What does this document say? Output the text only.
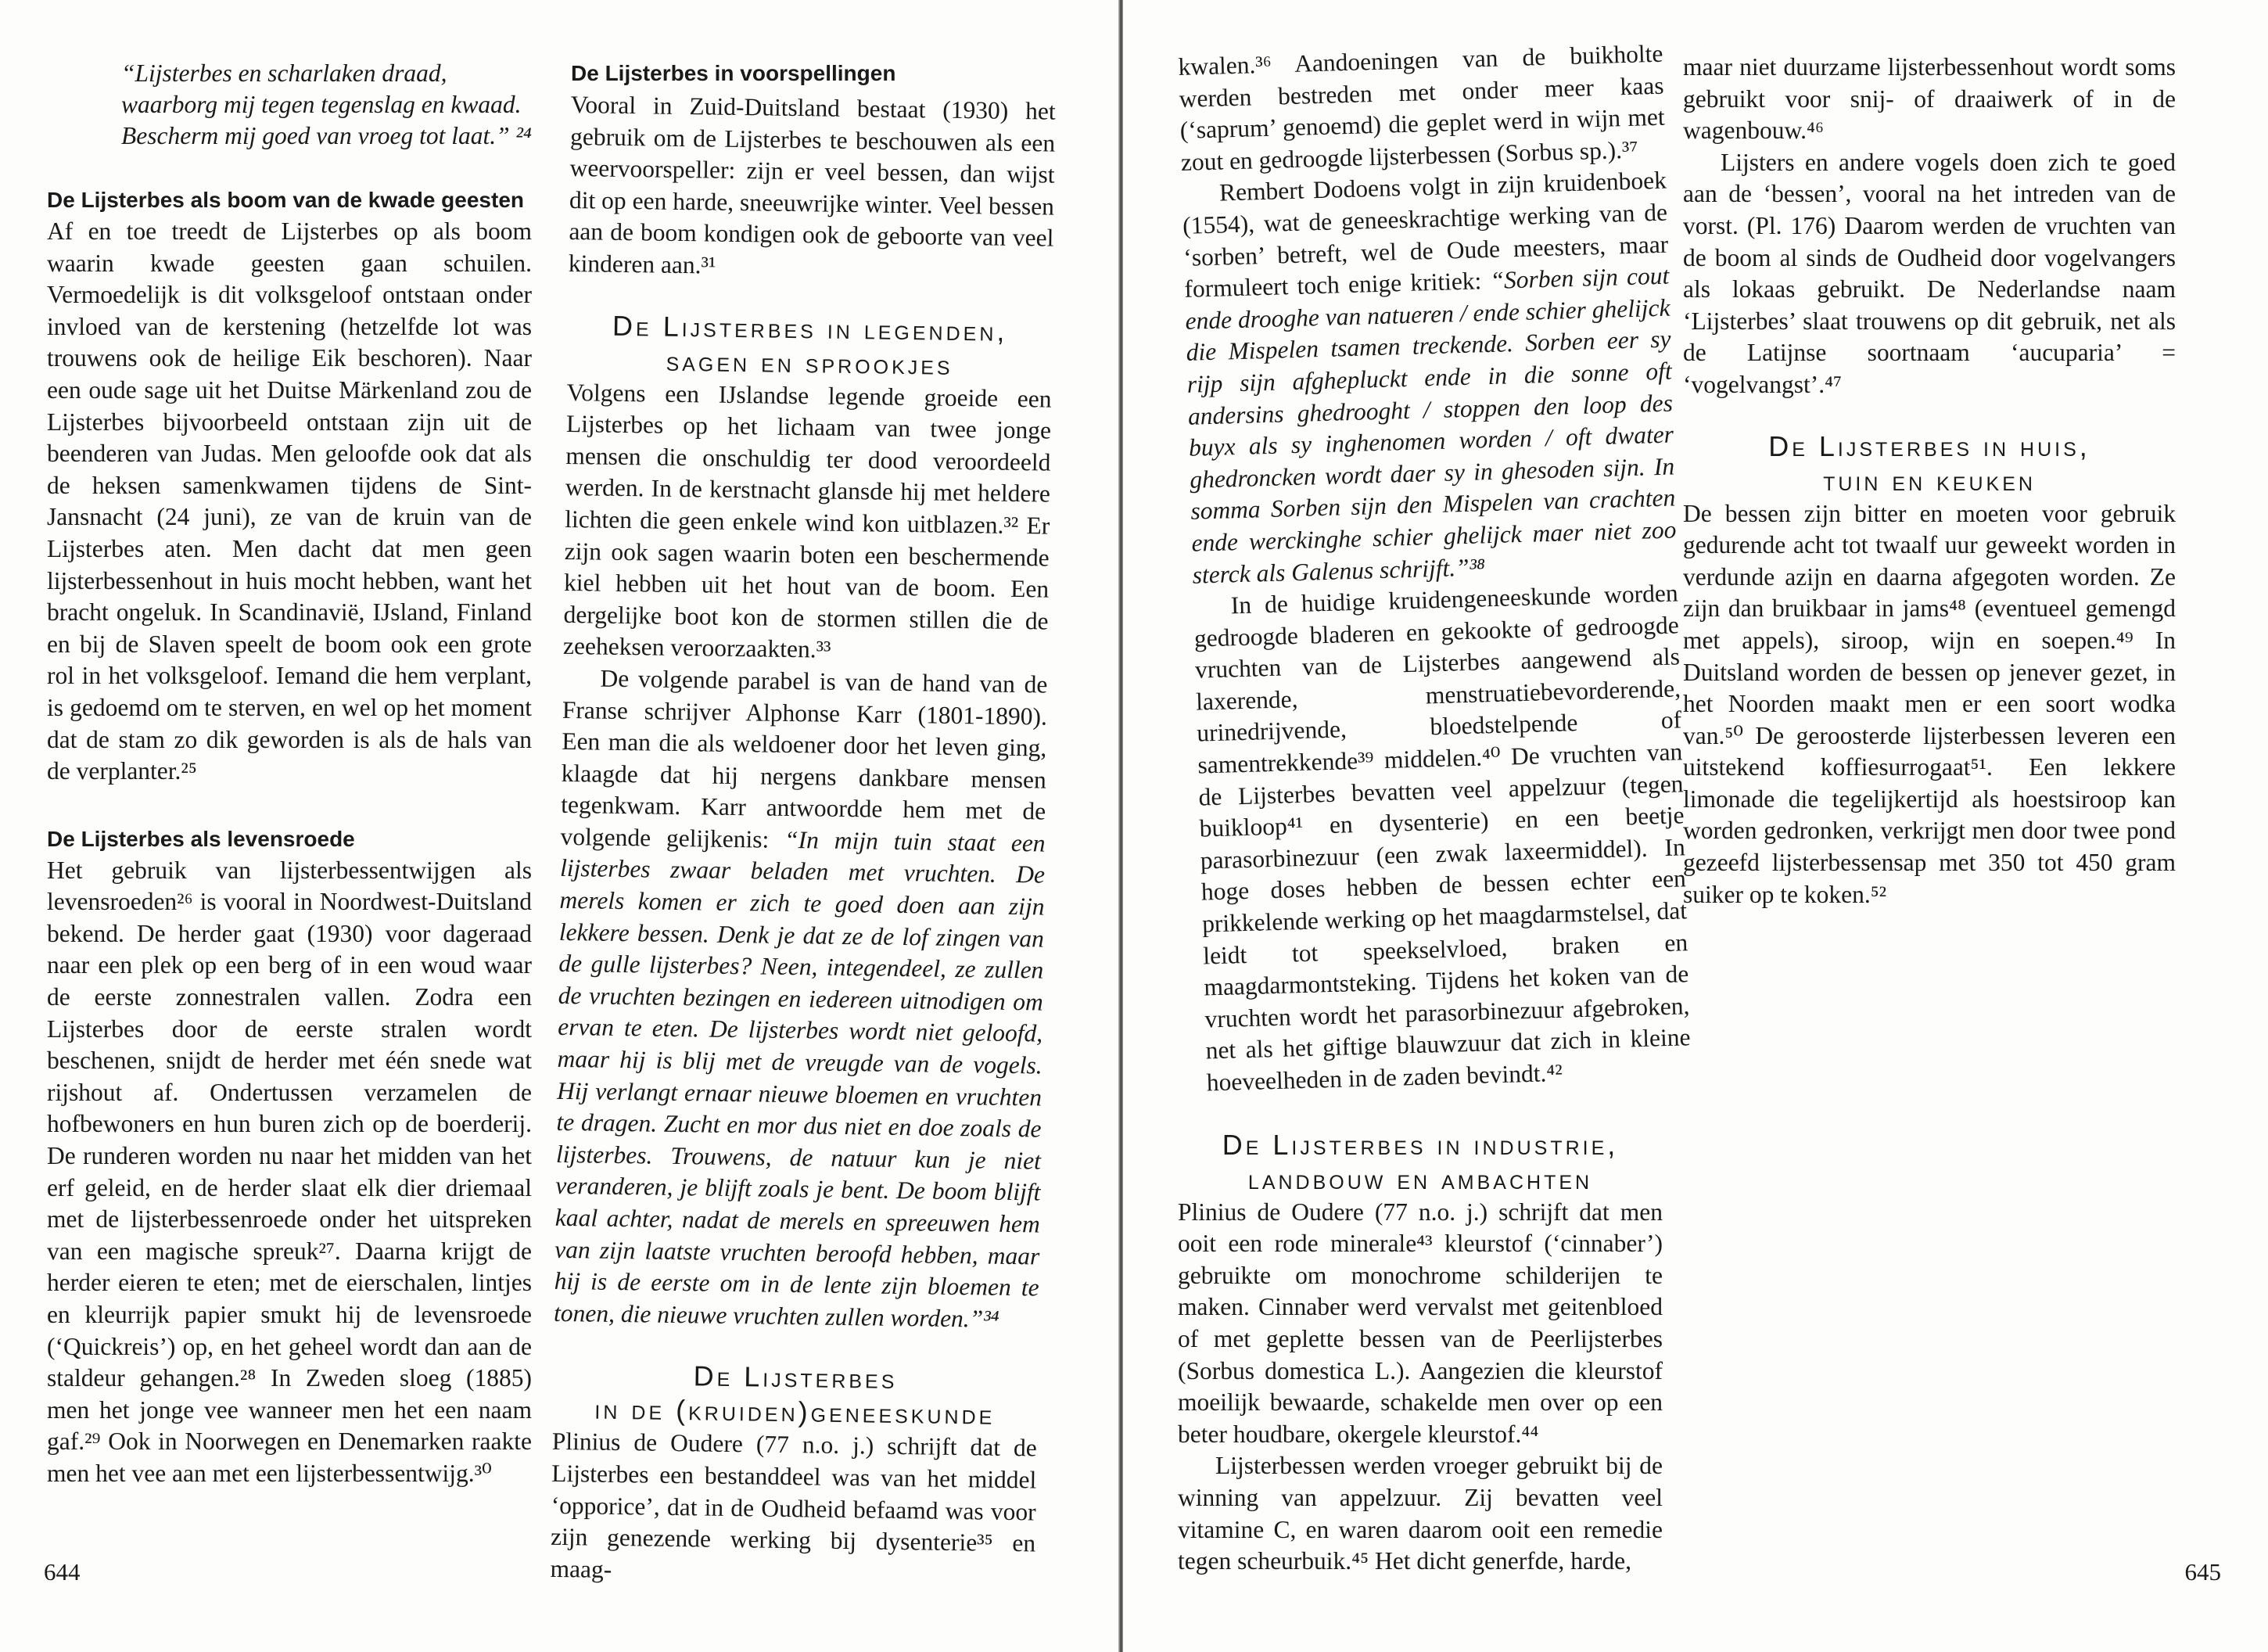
“Lijsterbes en scharlaken draad,
waarborg mij tegen tegenslag en kwaad.
Bescherm mij goed van vroeg tot laat.” ²⁴

De Lijsterbes als boom van de kwade geesten

Af en toe treedt de Lijsterbes op als boom waarin kwade geesten gaan schuilen. Vermoedelijk is dit volksgeloof ontstaan onder invloed van de kerstening (hetzelfde lot was trouwens ook de heilige Eik beschoren). Naar een oude sage uit het Duitse Märkenland zou de Lijsterbes bijvoorbeeld ontstaan zijn uit de beenderen van Judas. Men geloofde ook dat als de heksen samenkwamen tijdens de Sint-Jansnacht (24 juni), ze van de kruin van de Lijsterbes aten. Men dacht dat men geen lijsterbessenhout in huis mocht hebben, want het bracht ongeluk. In Scandinavië, IJsland, Finland en bij de Slaven speelt de boom ook een grote rol in het volksgeloof. Iemand die hem verplant, is gedoemd om te sterven, en wel op het moment dat de stam zo dik geworden is als de hals van de verplanter.²⁵

De Lijsterbes als levensroede

Het gebruik van lijsterbessentwijgen als levensroeden²⁶ is vooral in Noordwest-Duitsland bekend. De herder gaat (1930) voor dageraad naar een plek op een berg of in een woud waar de eerste zonnestralen vallen. Zodra een Lijsterbes door de eerste stralen wordt beschenen, snijdt de herder met één snede wat rijshout af. Ondertussen verzamelen de hofbewoners en hun buren zich op de boerderij. De runderen worden nu naar het midden van het erf geleid, en de herder slaat elk dier driemaal met de lijsterbessenroede onder het uitspreken van een magische spreuk²⁷. Daarna krijgt de herder eieren te eten; met de eierschalen, lintjes en kleurrijk papier smukt hij de levensroede (‘Quickreis’) op, en het geheel wordt dan aan de staldeur gehangen.²⁸ In Zweden sloeg (1885) men het jonge vee wanneer men het een naam gaf.²⁹ Ook in Noorwegen en Denemarken raakte men het vee aan met een lijsterbessentwijg.³⁰

De Lijsterbes in voorspellingen

Vooral in Zuid-Duitsland bestaat (1930) het gebruik om de Lijsterbes te beschouwen als een weervoorspeller: zijn er veel bessen, dan wijst dit op een harde, sneeuwrijke winter. Veel bessen aan de boom kondigen ook de geboorte van veel kinderen aan.³¹

De Lijsterbes in legenden,
sagen en sprookjes

Volgens een IJslandse legende groeide een Lijsterbes op het lichaam van twee jonge mensen die onschuldig ter dood veroordeeld werden. In de kerstnacht glansde hij met heldere lichten die geen enkele wind kon uitblazen.³² Er zijn ook sagen waarin boten een beschermende kiel hebben uit het hout van de boom. Een dergelijke boot kon de stormen stillen die de zeeheksen veroorzaakten.³³

De volgende parabel is van de hand van de Franse schrijver Alphonse Karr (1801-1890). Een man die als weldoener door het leven ging, klaagde dat hij nergens dankbare mensen tegenkwam. Karr antwoordde hem met de volgende gelijkenis: “In mijn tuin staat een lijsterbes zwaar beladen met vruchten. De merels komen er zich te goed doen aan zijn lekkere bessen. Denk je dat ze de lof zingen van de gulle lijsterbes? Neen, integendeel, ze zullen de vruchten bezingen en iedereen uitnodigen om ervan te eten. De lijsterbes wordt niet geloofd, maar hij is blij met de vreugde van de vogels. Hij verlangt ernaar nieuwe bloemen en vruchten te dragen. Zucht en mor dus niet en doe zoals de lijsterbes. Trouwens, de natuur kun je niet veranderen, je blijft zoals je bent. De boom blijft kaal achter, nadat de merels en spreeuwen hem van zijn laatste vruchten beroofd hebben, maar hij is de eerste om in de lente zijn bloemen te tonen, die nieuwe vruchten zullen worden.”³⁴

De Lijsterbes
in de (kruiden)geneeskunde

Plinius de Oudere (77 n.o. j.) schrijft dat de Lijsterbes een bestanddeel was van het middel ‘opporice’, dat in de Oudheid befaamd was voor zijn genezende werking bij dysenterie³⁵ en maag-

644

kwalen.³⁶ Aandoeningen van de buikholte werden bestreden met onder meer kaas (‘saprum’ genoemd) die geplet werd in wijn met zout en gedroogde lijsterbessen (Sorbus sp.).³⁷

Rembert Dodoens volgt in zijn kruidenboek (1554), wat de geneeskrachtige werking van de ‘sorben’ betreft, wel de Oude meesters, maar formuleert toch enige kritiek: “Sorben sijn cout ende drooghe van natueren / ende schier ghelijck die Mispelen tsamen treckende. Sorben eer sy rijp sijn afghepluckt ende in die sonne oft andersins ghedrooght / stoppen den loop des buyx als sy inghenomen worden / oft dwater ghedroncken wordt daer sy in ghesoden sijn. In somma Sorben sijn den Mispelen van crachten ende werckinghe schier ghelijck maer niet zoo sterck als Galenus schrijft.”³⁸

In de huidige kruidengeneeskunde worden gedroogde bladeren en gekookte of gedroogde vruchten van de Lijsterbes aangewend als laxerende, menstruatiebevorderende, urinedrijvende, bloedstelpende of samentrekkende³⁹ middelen.⁴⁰ De vruchten van de Lijsterbes bevatten veel appelzuur (tegen buikloop⁴¹ en dysenterie) en een beetje parasorbinezuur (een zwak laxeermiddel). In hoge doses hebben de bessen echter een prikkelende werking op het maagdarmstelsel, dat leidt tot speekselvloed, braken en maagdarmontsteking. Tijdens het koken van de vruchten wordt het parasorbinezuur afgebroken, net als het giftige blauwzuur dat zich in kleine hoeveelheden in de zaden bevindt.⁴²

De Lijsterbes in industrie,
landbouw en ambachten

Plinius de Oudere (77 n.o. j.) schrijft dat men ooit een rode minerale⁴³ kleurstof (‘cinnaber’) gebruikte om monochrome schilderijen te maken. Cinnaber werd vervalst met geitenbloed of met geplette bessen van de Peerlijsterbes (Sorbus domestica L.). Aangezien die kleurstof moeilijk bewaarde, schakelde men over op een beter houdbare, okergele kleurstof.⁴⁴

Lijsterbessen werden vroeger gebruikt bij de winning van appelzuur. Zij bevatten veel vitamine C, en waren daarom ooit een remedie tegen scheurbuik.⁴⁵ Het dicht generfde, harde,

maar niet duurzame lijsterbessenhout wordt soms gebruikt voor snij- of draaiwerk of in de wagenbouw.⁴⁶

Lijsters en andere vogels doen zich te goed aan de ‘bessen’, vooral na het intreden van de vorst. (Pl. 176) Daarom werden de vruchten van de boom al sinds de Oudheid door vogelvangers als lokaas gebruikt. De Nederlandse naam ‘Lijsterbes’ slaat trouwens op dit gebruik, net als de Latijnse soortnaam ‘aucuparia’ = ‘vogelvangst’.⁴⁷

De Lijsterbes in huis,
tuin en keuken

De bessen zijn bitter en moeten voor gebruik gedurende acht tot twaalf uur geweekt worden in verdunde azijn en daarna afgegoten worden. Ze zijn dan bruikbaar in jams⁴⁸ (eventueel gemengd met appels), siroop, wijn en soepen.⁴⁹ In Duitsland worden de bessen op jenever gezet, in het Noorden maakt men er een soort wodka van.⁵⁰ De geroosterde lijsterbessen leveren een uitstekend koffiesurrogaat⁵¹. Een lekkere limonade die tegelijkertijd als hoestsiroop kan worden gedronken, verkrijgt men door twee pond gezeefd lijsterbessensap met 350 tot 450 gram suiker op te koken.⁵²

645
